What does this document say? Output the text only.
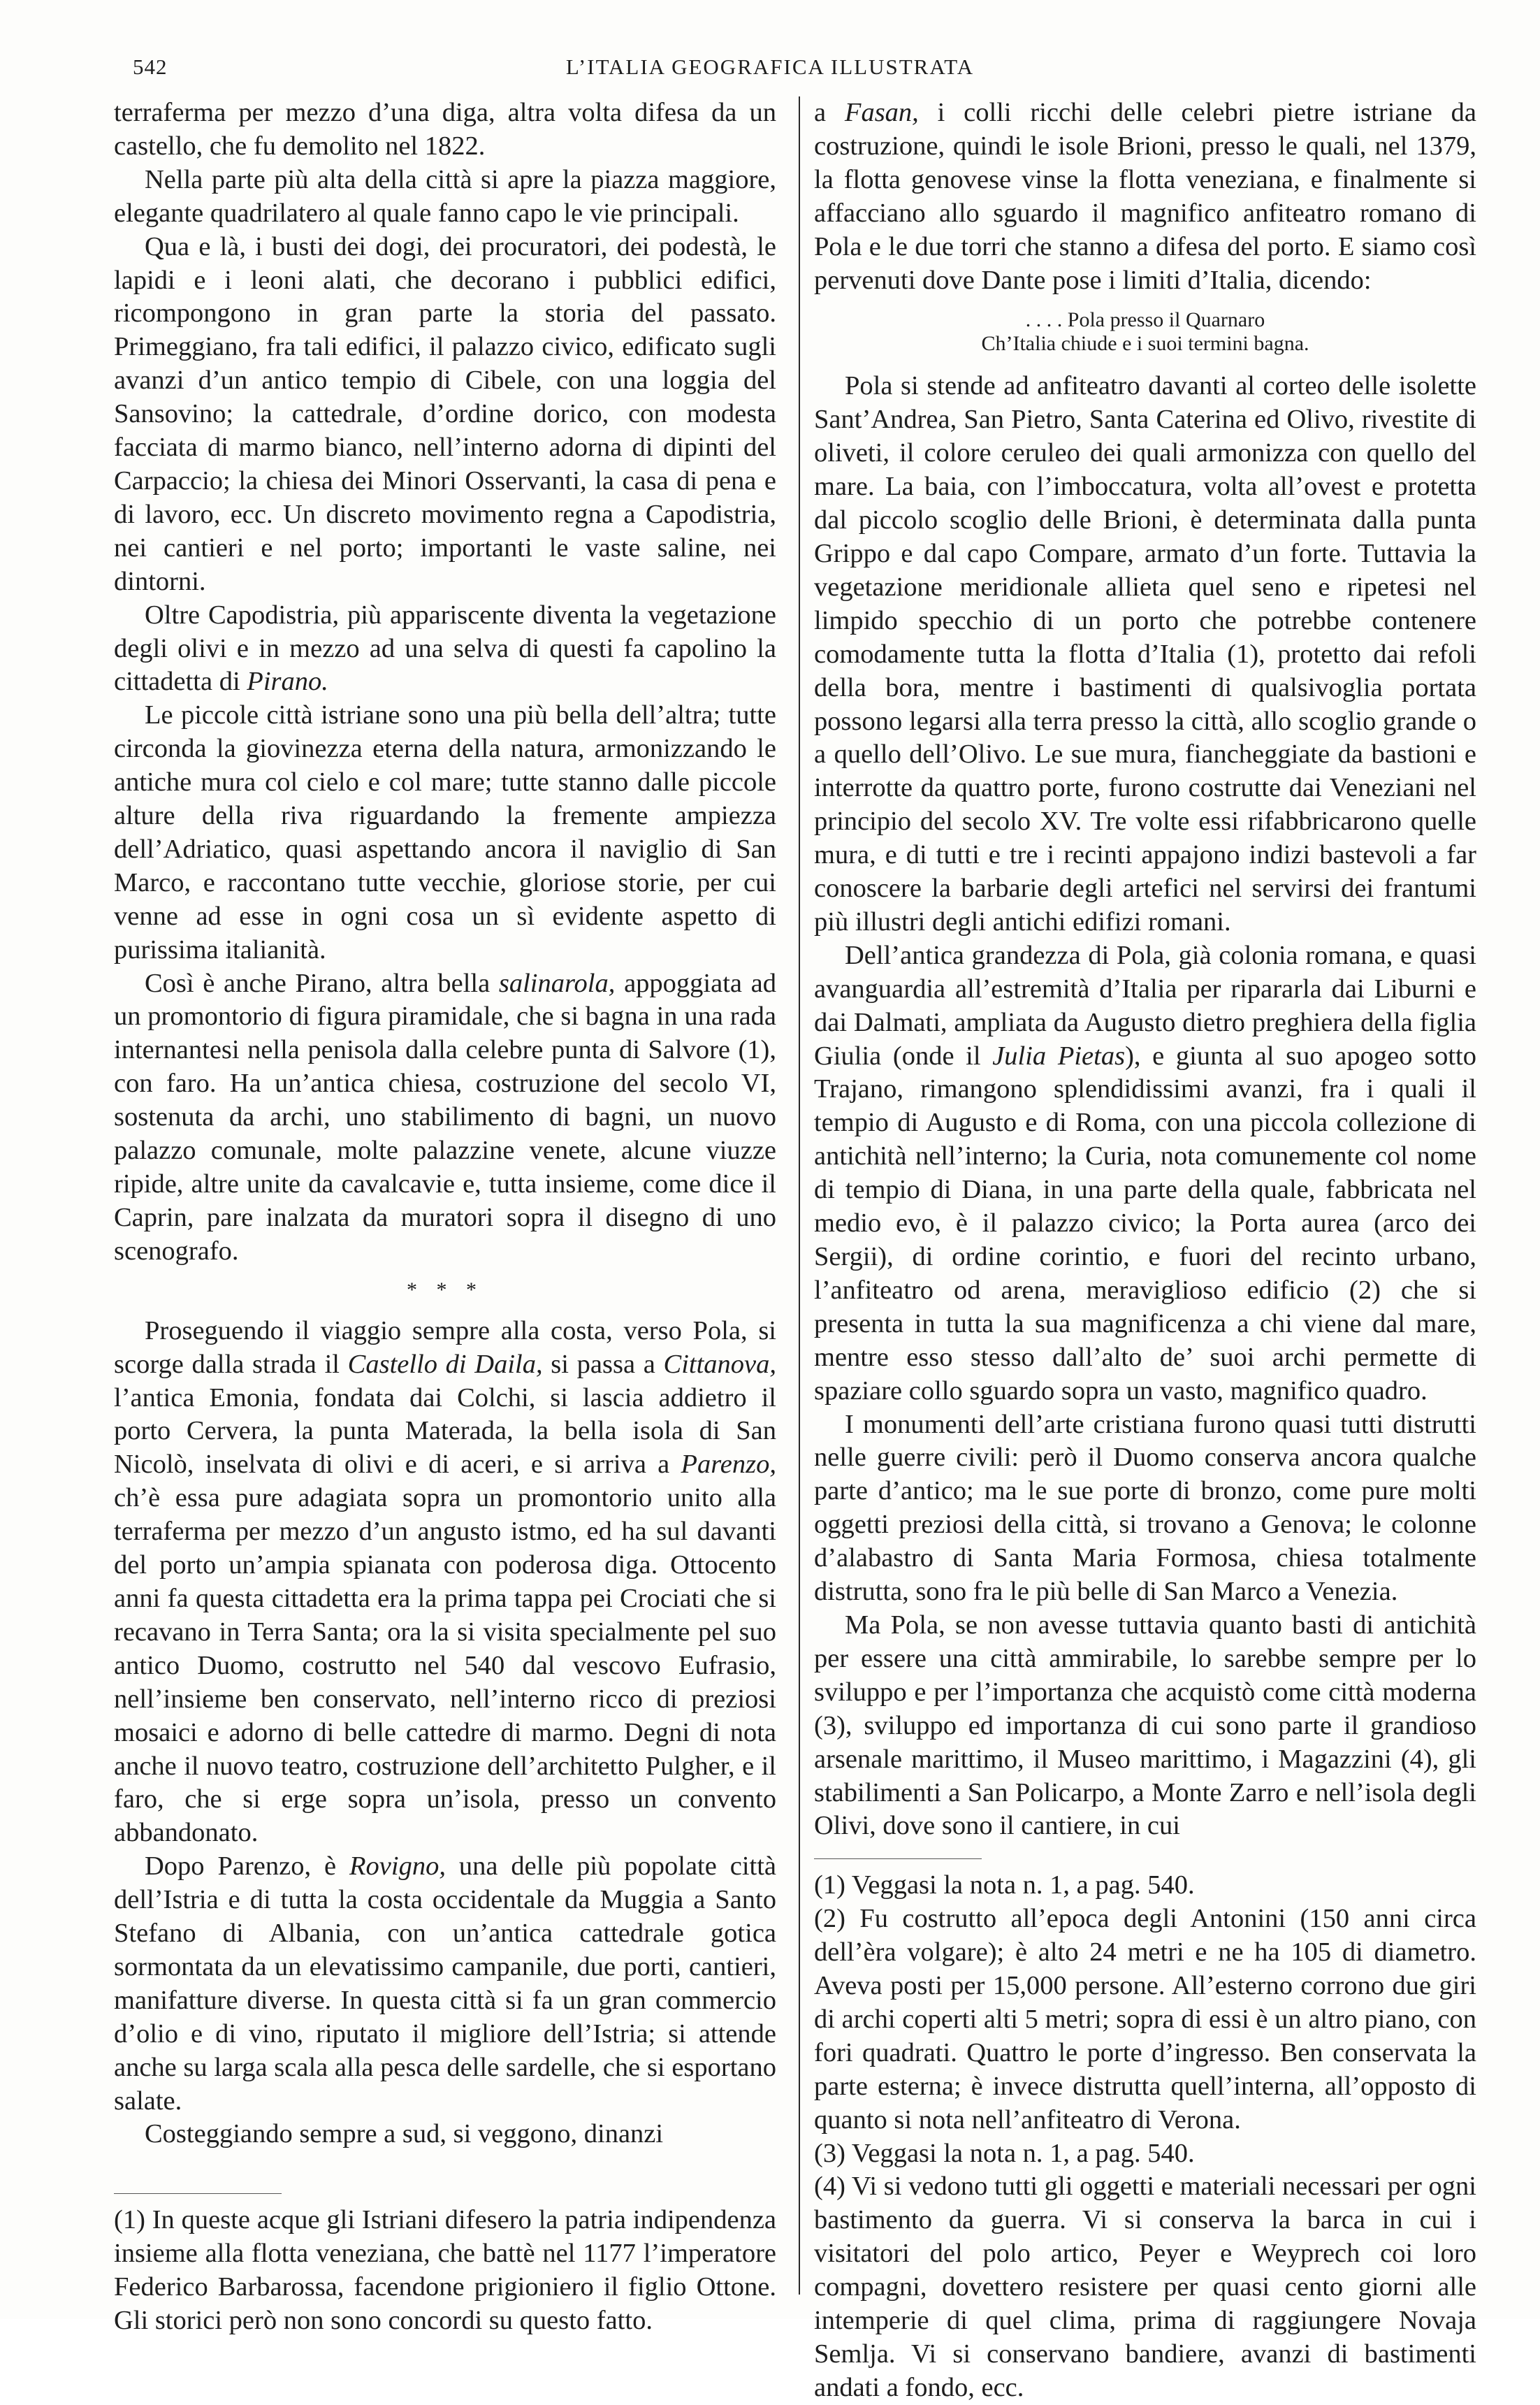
542	L’ITALIA GEOGRAFICA ILLUSTRATA

terraferma per mezzo d’una diga, altra volta difesa da un castello, che fu demolito nel 1822.

Nella parte più alta della città si apre la piazza maggiore, elegante quadrilatero al quale fanno capo le vie principali.

Qua e là, i busti dei dogi, dei procuratori, dei podestà, le lapidi e i leoni alati, che decorano i pubblici edifici, ricompongono in gran parte la storia del passato. Primeggiano, fra tali edifici, il palazzo civico, edificato sugli avanzi d’un antico tempio di Cibele, con una loggia del Sansovino; la cattedrale, d’ordine dorico, con modesta facciata di marmo bianco, nell’interno adorna di dipinti del Carpaccio; la chiesa dei Minori Osservanti, la casa di pena e di lavoro, ecc. Un discreto movimento regna a Capodistria, nei cantieri e nel porto; importanti le vaste saline, nei dintorni.

Oltre Capodistria, più appariscente diventa la vegetazione degli olivi e in mezzo ad una selva di questi fa capolino la cittadetta di Pirano.

Le piccole città istriane sono una più bella dell’altra; tutte circonda la giovinezza eterna della natura, armonizzando le antiche mura col cielo e col mare; tutte stanno dalle piccole alture della riva riguardando la fremente ampiezza dell’Adriatico, quasi aspettando ancora il naviglio di San Marco, e raccontano tutte vecchie, gloriose storie, per cui venne ad esse in ogni cosa un sì evidente aspetto di purissima italianità.

Così è anche Pirano, altra bella salinarola, appoggiata ad un promontorio di figura piramidale, che si bagna in una rada internantesi nella penisola dalla celebre punta di Salvore (1), con faro. Ha un’antica chiesa, costruzione del secolo VI, sostenuta da archi, uno stabilimento di bagni, un nuovo palazzo comunale, molte palazzine venete, alcune viuzze ripide, altre unite da cavalcavie e, tutta insieme, come dice il Caprin, pare inalzata da muratori sopra il disegno di uno scenografo.

* * *

Proseguendo il viaggio sempre alla costa, verso Pola, si scorge dalla strada il Castello di Daila, si passa a Cittanova, l’antica Emonia, fondata dai Colchi, si lascia addietro il porto Cervera, la punta Materada, la bella isola di San Nicolò, inselvata di olivi e di aceri, e si arriva a Parenzo, ch’è essa pure adagiata sopra un promontorio unito alla terraferma per mezzo d’un angusto istmo, ed ha sul davanti del porto un’ampia spianata con poderosa diga. Ottocento anni fa questa cittadetta era la prima tappa pei Crociati che si recavano in Terra Santa; ora la si visita specialmente pel suo antico Duomo, costrutto nel 540 dal vescovo Eufrasio, nell’insieme ben conservato, nell’interno ricco di preziosi mosaici e adorno di belle cattedre di marmo. Degni di nota anche il nuovo teatro, costruzione dell’architetto Pulgher, e il faro, che si erge sopra un’isola, presso un convento abbandonato.

Dopo Parenzo, è Rovigno, una delle più popolate città dell’Istria e di tutta la costa occidentale da Muggia a Santo Stefano di Albania, con un’antica cattedrale gotica sormontata da un elevatissimo campanile, due porti, cantieri, manifatture diverse. In questa città si fa un gran commercio d’olio e di vino, riputato il migliore dell’Istria; si attende anche su larga scala alla pesca delle sardelle, che si esportano salate.

Costeggiando sempre a sud, si veggono, dinanzi

(1) In queste acque gli Istriani difesero la patria indipendenza insieme alla flotta veneziana, che battè nel 1177 l’imperatore Federico Barbarossa, facendone prigioniero il figlio Ottone. Gli storici però non sono concordi su questo fatto.

a Fasan, i colli ricchi delle celebri pietre istriane da costruzione, quindi le isole Brioni, presso le quali, nel 1379, la flotta genovese vinse la flotta veneziana, e finalmente si affacciano allo sguardo il magnifico anfiteatro romano di Pola e le due torri che stanno a difesa del porto. E siamo così pervenuti dove Dante pose i limiti d’Italia, dicendo:

. . . . Pola presso il Quarnaro
Ch’Italia chiude e i suoi termini bagna.

Pola si stende ad anfiteatro davanti al corteo delle isolette Sant’Andrea, San Pietro, Santa Caterina ed Olivo, rivestite di oliveti, il colore ceruleo dei quali armonizza con quello del mare. La baia, con l’imboccatura, volta all’ovest e protetta dal piccolo scoglio delle Brioni, è determinata dalla punta Grippo e dal capo Compare, armato d’un forte. Tuttavia la vegetazione meridionale allieta quel seno e ripetesi nel limpido specchio di un porto che potrebbe contenere comodamente tutta la flotta d’Italia (1), protetto dai refoli della bora, mentre i bastimenti di qualsivoglia portata possono legarsi alla terra presso la città, allo scoglio grande o a quello dell’Olivo. Le sue mura, fiancheggiate da bastioni e interrotte da quattro porte, furono costrutte dai Veneziani nel principio del secolo XV. Tre volte essi rifabbricarono quelle mura, e di tutti e tre i recinti appajono indizi bastevoli a far conoscere la barbarie degli artefici nel servirsi dei frantumi più illustri degli antichi edifizi romani.

Dell’antica grandezza di Pola, già colonia romana, e quasi avanguardia all’estremità d’Italia per ripararla dai Liburni e dai Dalmati, ampliata da Augusto dietro preghiera della figlia Giulia (onde il Julia Pietas), e giunta al suo apogeo sotto Trajano, rimangono splendidissimi avanzi, fra i quali il tempio di Augusto e di Roma, con una piccola collezione di antichità nell’interno; la Curia, nota comunemente col nome di tempio di Diana, in una parte della quale, fabbricata nel medio evo, è il palazzo civico; la Porta aurea (arco dei Sergii), di ordine corintio, e fuori del recinto urbano, l’anfiteatro od arena, meraviglioso edificio (2) che si presenta in tutta la sua magnificenza a chi viene dal mare, mentre esso stesso dall’alto de’ suoi archi permette di spaziare collo sguardo sopra un vasto, magnifico quadro.

I monumenti dell’arte cristiana furono quasi tutti distrutti nelle guerre civili: però il Duomo conserva ancora qualche parte d’antico; ma le sue porte di bronzo, come pure molti oggetti preziosi della città, si trovano a Genova; le colonne d’alabastro di Santa Maria Formosa, chiesa totalmente distrutta, sono fra le più belle di San Marco a Venezia.

Ma Pola, se non avesse tuttavia quanto basti di antichità per essere una città ammirabile, lo sarebbe sempre per lo sviluppo e per l’importanza che acquistò come città moderna (3), sviluppo ed importanza di cui sono parte il grandioso arsenale marittimo, il Museo marittimo, i Magazzini (4), gli stabilimenti a San Policarpo, a Monte Zarro e nell’isola degli Olivi, dove sono il cantiere, in cui

(1) Veggasi la nota n. 1, a pag. 540.

(2) Fu costrutto all’epoca degli Antonini (150 anni circa dell’èra volgare); è alto 24 metri e ne ha 105 di diametro. Aveva posti per 15,000 persone. All’esterno corrono due giri di archi coperti alti 5 metri; sopra di essi è un altro piano, con fori quadrati. Quattro le porte d’ingresso. Ben conservata la parte esterna; è invece distrutta quell’interna, all’opposto di quanto si nota nell’anfiteatro di Verona.

(3) Veggasi la nota n. 1, a pag. 540.

(4) Vi si vedono tutti gli oggetti e materiali necessari per ogni bastimento da guerra. Vi si conserva la barca in cui i visitatori del polo artico, Peyer e Weyprech coi loro compagni, dovettero resistere per quasi cento giorni alle intemperie di quel clima, prima di raggiungere Novaja Semlja. Vi si conservano bandiere, avanzi di bastimenti andati a fondo, ecc.
